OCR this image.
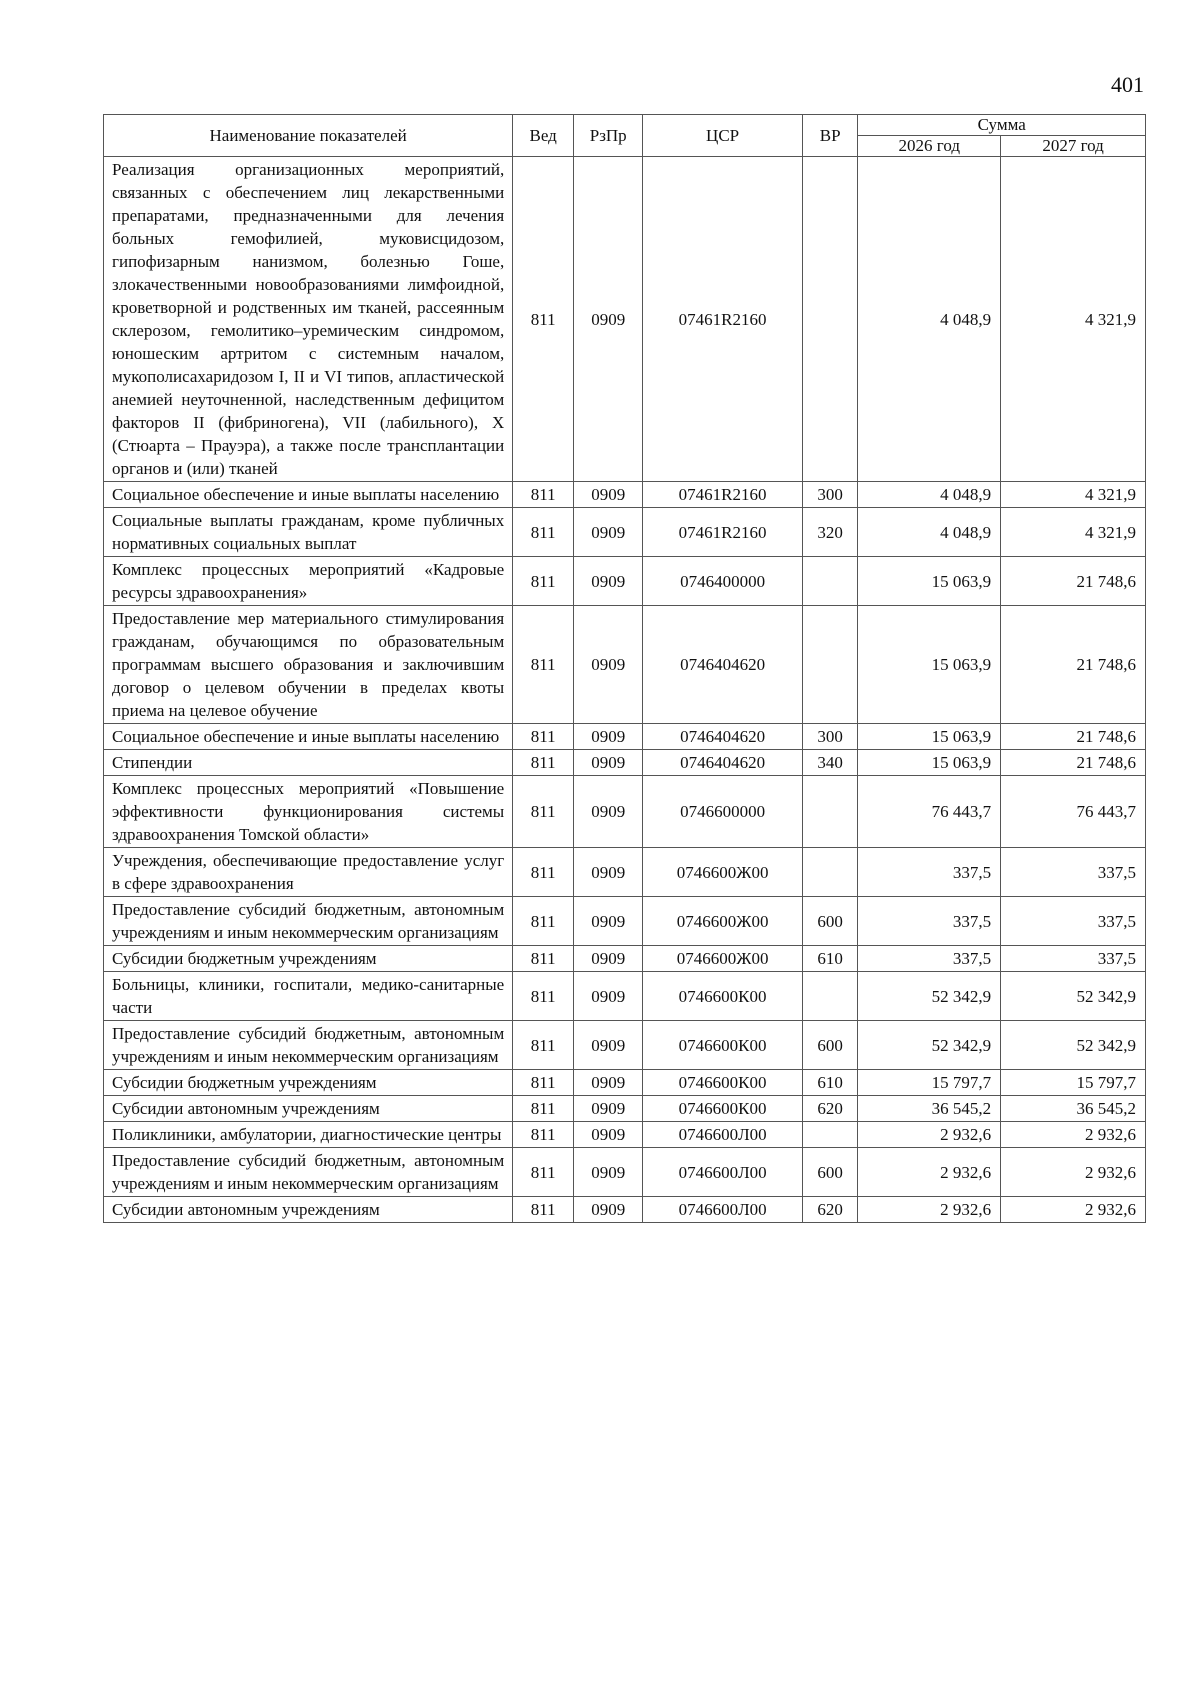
401
Наименование показателей	Вед	РзПр	ЦСР	ВР	Сумма	
					2026 год	2027 год
Реализация организационных мероприятий, связанных с обеспечением лиц лекарственными препаратами, предназначенными для лечения больных гемофилией, муковисцидозом, гипофизарным нанизмом, болезнью Гоше, злокачественными новообразованиями лимфоидной, кроветворной и родственных им тканей, рассеянным склерозом, гемолитико–уремическим синдромом, юношеским артритом с системным началом, мукополисахаридозом I, II и VI типов, апластической анемией неуточненной, наследственным дефицитом факторов II (фибриногена), VII (лабильного), X (Стюарта – Прауэра), а также после трансплантации органов и (или) тканей	811	0909	07461R2160		4 048,9	4 321,9
Социальное обеспечение и иные выплаты населению	811	0909	07461R2160	300	4 048,9	4 321,9
Социальные выплаты гражданам, кроме публичных нормативных социальных выплат	811	0909	07461R2160	320	4 048,9	4 321,9
Комплекс процессных мероприятий «Кадровые ресурсы здравоохранения»	811	0909	0746400000		15 063,9	21 748,6
Предоставление мер материального стимулирования гражданам, обучающимся по образовательным программам высшего образования и заключившим договор о целевом обучении в пределах квоты приема на целевое обучение	811	0909	0746404620		15 063,9	21 748,6
Социальное обеспечение и иные выплаты населению	811	0909	0746404620	300	15 063,9	21 748,6
Стипендии	811	0909	0746404620	340	15 063,9	21 748,6
Комплекс процессных мероприятий «Повышение эффективности функционирования системы здравоохранения Томской области»	811	0909	0746600000		76 443,7	76 443,7
Учреждения, обеспечивающие предоставление услуг в сфере здравоохранения	811	0909	0746600Ж00		337,5	337,5
Предоставление субсидий бюджетным, автономным учреждениям и иным некоммерческим организациям	811	0909	0746600Ж00	600	337,5	337,5
Субсидии бюджетным учреждениям	811	0909	0746600Ж00	610	337,5	337,5
Больницы, клиники, госпитали, медико-санитарные части	811	0909	0746600К00		52 342,9	52 342,9
Предоставление субсидий бюджетным, автономным учреждениям и иным некоммерческим организациям	811	0909	0746600К00	600	52 342,9	52 342,9
Субсидии бюджетным учреждениям	811	0909	0746600К00	610	15 797,7	15 797,7
Субсидии автономным учреждениям	811	0909	0746600К00	620	36 545,2	36 545,2
Поликлиники, амбулатории, диагностические центры	811	0909	0746600Л00		2 932,6	2 932,6
Предоставление субсидий бюджетным, автономным учреждениям и иным некоммерческим организациям	811	0909	0746600Л00	600	2 932,6	2 932,6
Субсидии автономным учреждениям	811	0909	0746600Л00	620	2 932,6	2 932,6
